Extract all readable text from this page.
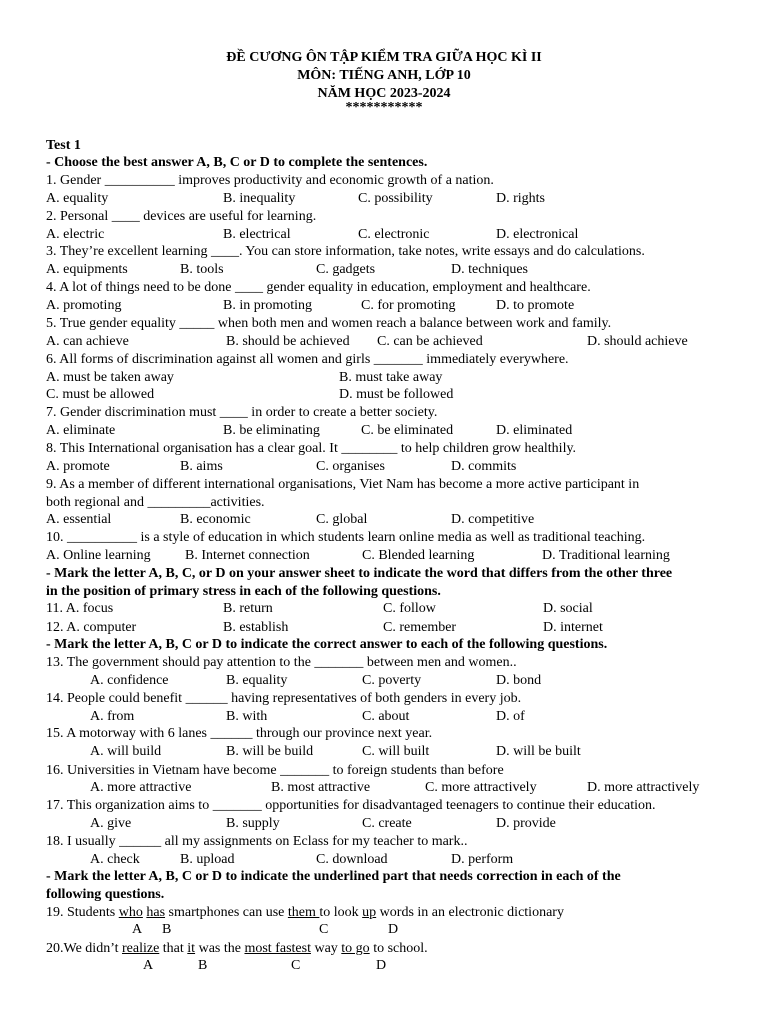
ĐỀ CƯƠNG ÔN TẬP KIỂM TRA GIỮA HỌC KÌ II
MÔN: TIẾNG ANH, LỚP 10
NĂM HỌC 2023-2024
***********
Test 1
- Choose the best answer A, B, C or D to complete the sentences.
1. Gender __________ improves productivity and economic growth of a nation.
A. equality	B. inequality	C. possibility	D. rights
2. Personal ____ devices are useful for learning.
A. electric	B. electrical	C. electronic	D. electronical
3. They’re excellent learning ____. You can store information, take notes, write essays and do calculations.
A. equipments	B. tools	C. gadgets	D. techniques
4. A lot of things need to be done ____ gender equality in education, employment and healthcare.
A. promoting	B. in promoting	C. for promoting	D. to promote
5. True gender equality _____ when both men and women reach a balance between work and family.
A. can achieve	B. should be achieved C. can be achieved	D. should achieve
6. All forms of discrimination against all women and girls _______ immediately everywhere.
A. must be taken away	B. must take away
C. must be allowed	D. must be followed
7. Gender discrimination must ____ in order to create a better society.
A. eliminate	B. be eliminating	C. be eliminated	D. eliminated
8. This International organisation has a clear goal. It ________ to help children grow healthily.
A. promote	B. aims	C. organises	D. commits
9. As a member of different international organisations, Viet Nam has become a more active participant in
both regional and _________activities.
A. essential	B. economic	C. global	D. competitive
10. __________ is a style of education in which students learn online media as well as traditional teaching.
A. Online learning B. Internet connection	C. Blended learning	D. Traditional learning
- Mark the letter A, B, C, or D on your answer sheet to indicate the word that differs from the other three
in the position of primary stress in each of the following questions.
11. A. focus	B. return	C. follow	D. social
12. A. computer	B. establish	C. remember	D. internet
- Mark the letter A, B, C or D to indicate the correct answer to each of the following questions.
13. The government should pay attention to the _______ between men and women..
A. confidence	B. equality	C. poverty	D. bond
14. People could benefit ______ having representatives of both genders in every job.
A. from	B. with	C. about	D. of
15. A motorway with 6 lanes ______ through our province next year.
A. will build	B. will be build	C. will built	D. will be built
16. Universities in Vietnam have become _______ to foreign students than before
A. more attractive	B. most attractive	C. more attractively	D. more attractively
17. This organization aims to _______ opportunities for disadvantaged teenagers to continue their education.
A. give	B. supply	C. create	D. provide
18. I usually ______ all my assignments on Eclass for my teacher to mark..
A. check	B. upload	C. download	D. perform
- Mark the letter A, B, C or D to indicate the underlined part that needs correction in each of the
following questions.
19. Students who has smartphones can use them to look up words in an electronic dictionary
A B	C	D
20.We didn’t realize that it was the most fastest way to go to school.
A	B	C	D
